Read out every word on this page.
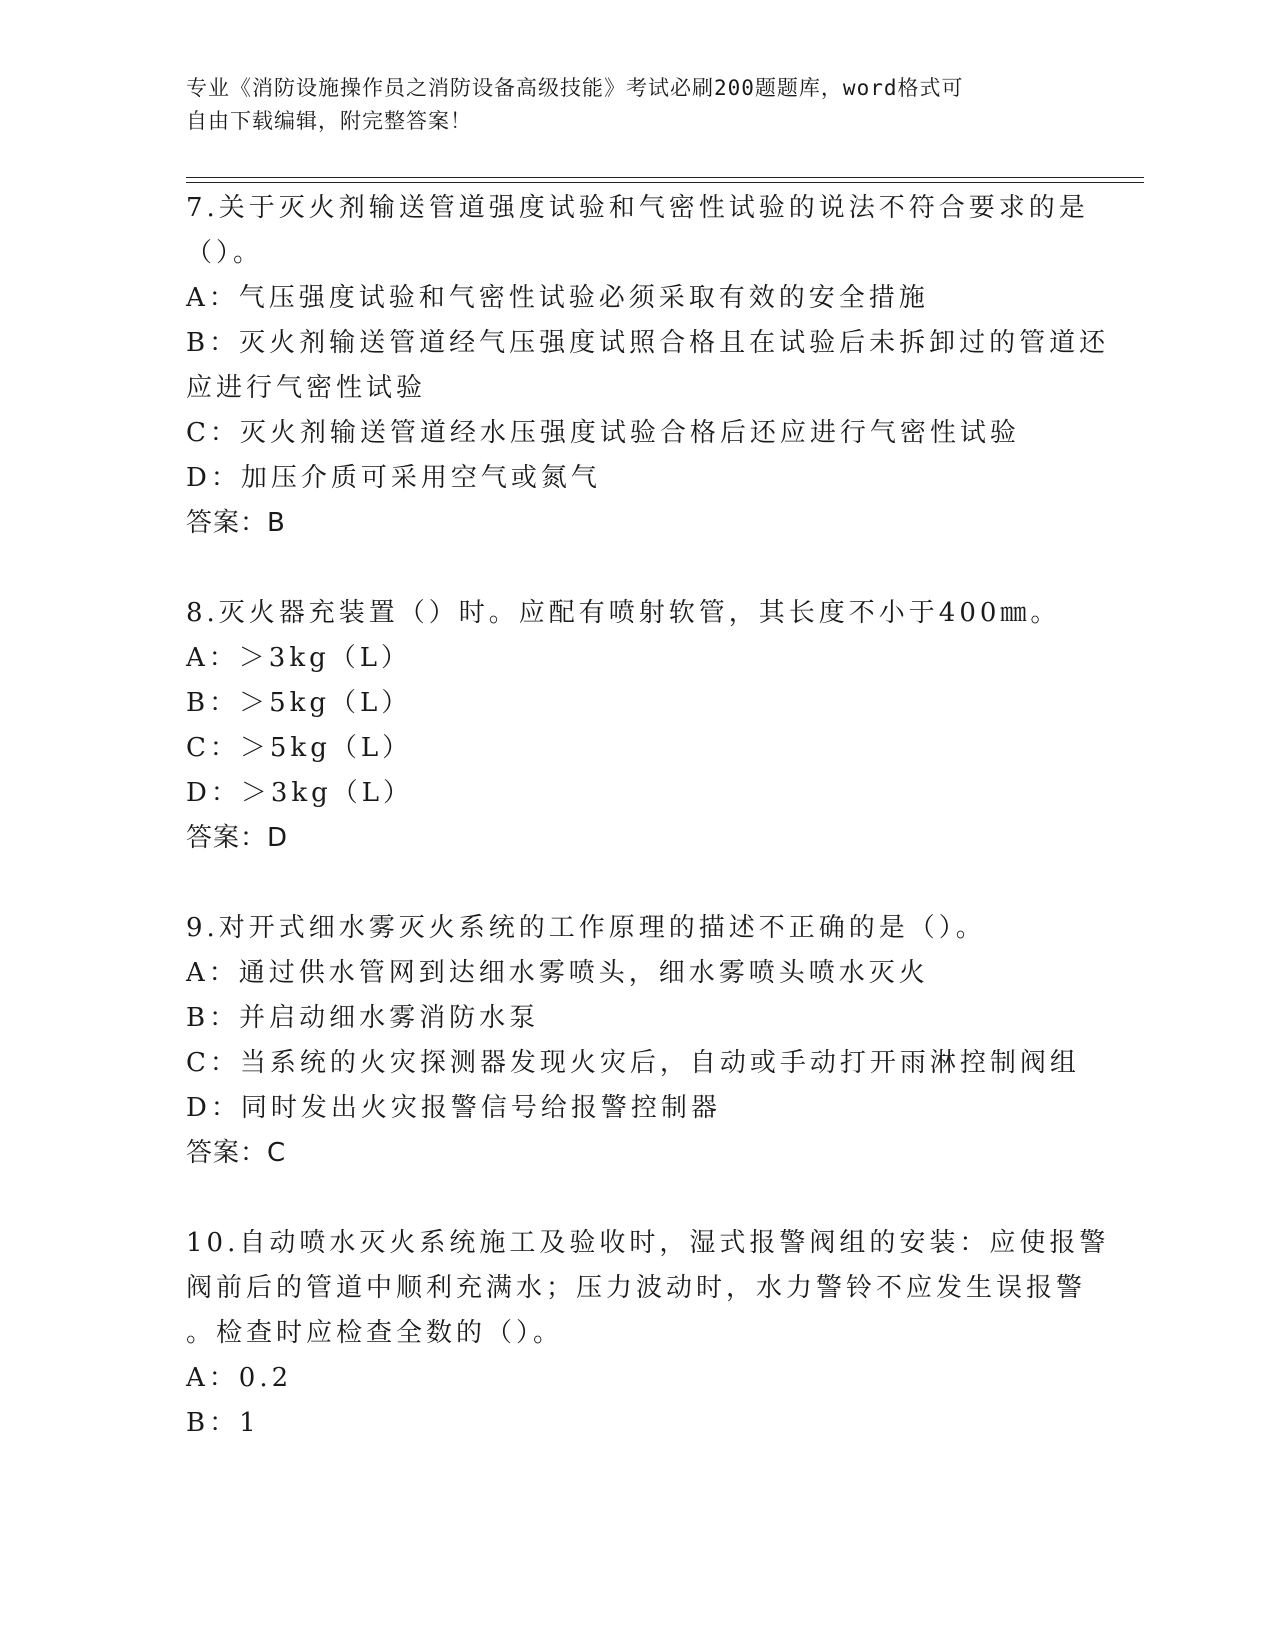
专业《消防设施操作员之消防设备高级技能》考试必刷200题题库，word格式可
自由下载编辑，附完整答案！
7.关于灭火剂输送管道强度试验和气密性试验的说法不符合要求的是
（）。
A：气压强度试验和气密性试验必须采取有效的安全措施
B：灭火剂输送管道经气压强度试照合格且在试验后未拆卸过的管道还
应进行气密性试验
C：灭火剂输送管道经水压强度试验合格后还应进行气密性试验
D：加压介质可采用空气或氮气
答案：B
8.灭火器充装置（）时。应配有喷射软管，其长度不小于400㎜。
A：＞3kg（L）
B：＞5kg（L）
C：＞5kg（L）
D：＞3kg（L）
答案：D
9.对开式细水雾灭火系统的工作原理的描述不正确的是（）。
A：通过供水管网到达细水雾喷头，细水雾喷头喷水灭火
B：并启动细水雾消防水泵
C：当系统的火灾探测器发现火灾后，自动或手动打开雨淋控制阀组
D：同时发出火灾报警信号给报警控制器
答案：C
10.自动喷水灭火系统施工及验收时，湿式报警阀组的安装：应使报警
阀前后的管道中顺利充满水；压力波动时，水力警铃不应发生误报警
。检查时应检查全数的（）。
A：0.2
B：1
